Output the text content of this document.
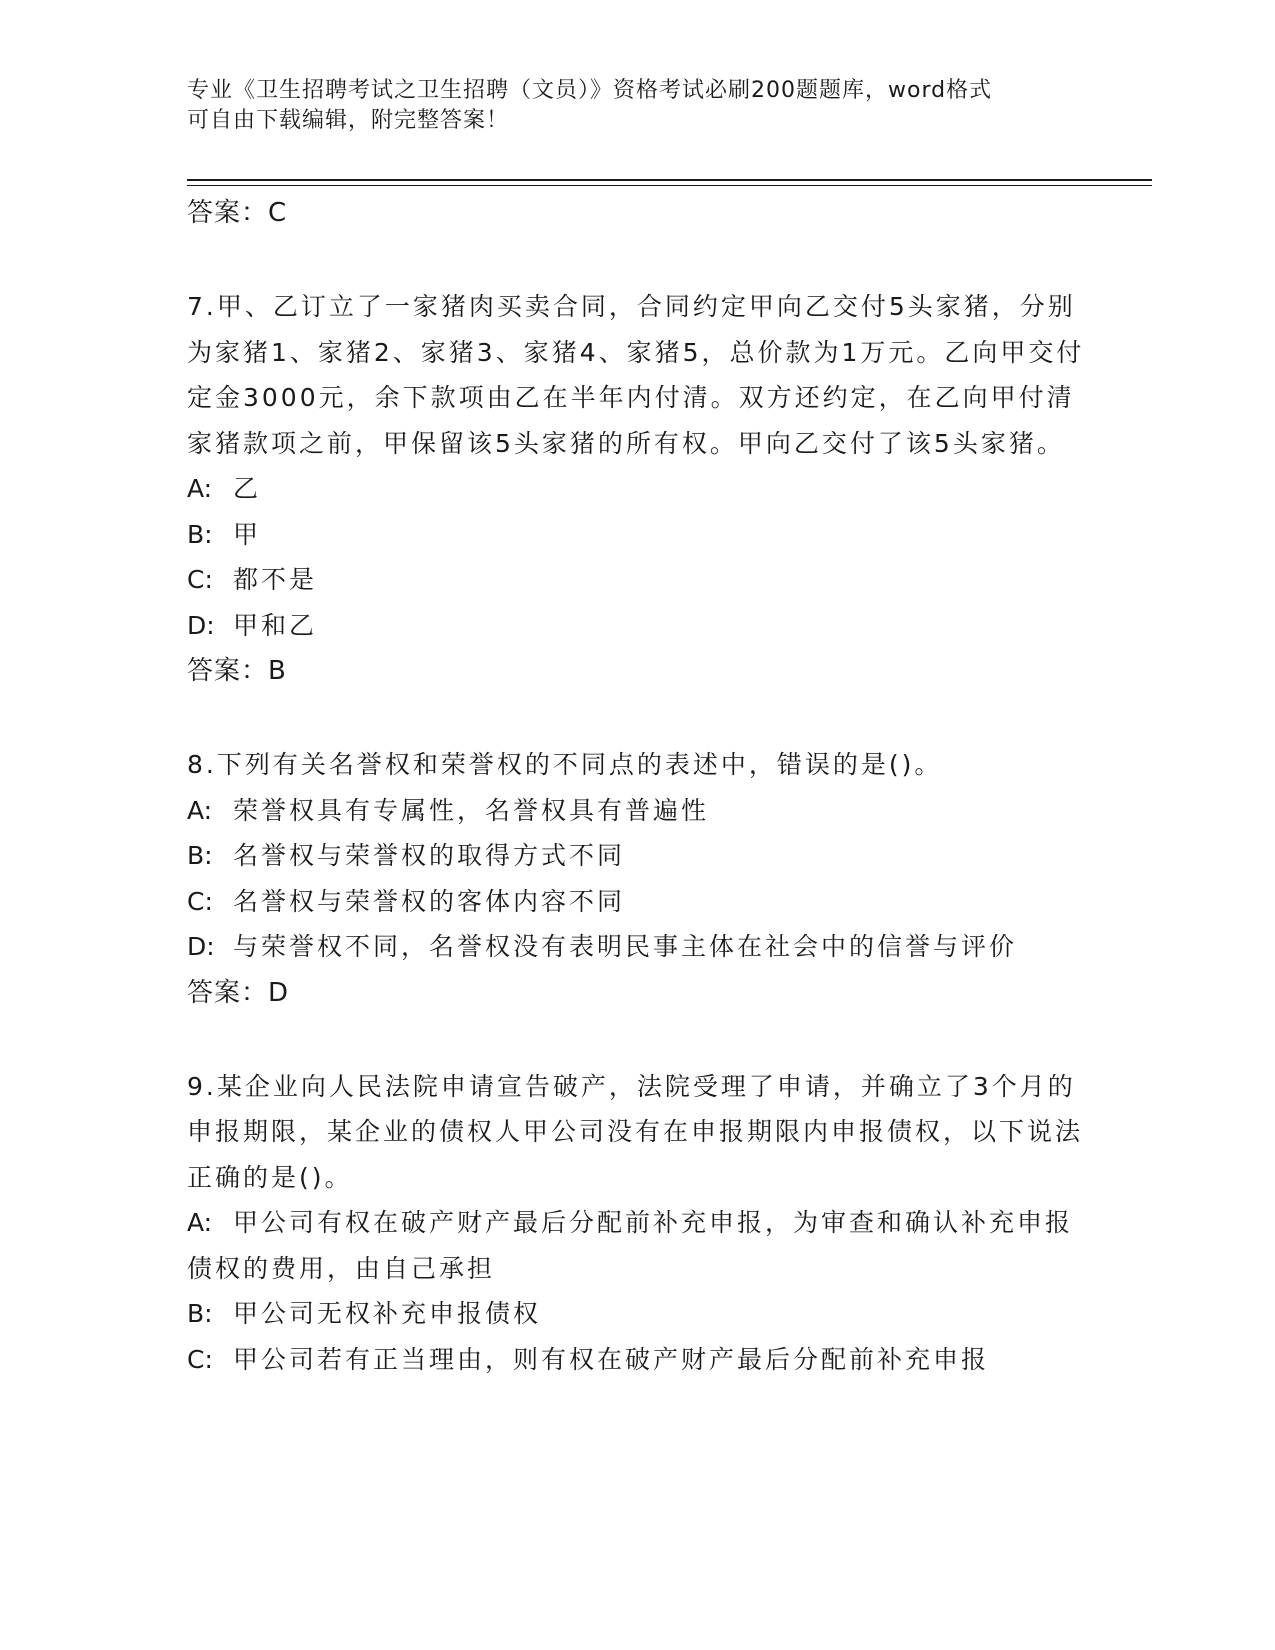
专业《卫生招聘考试之卫生招聘（文员）》资格考试必刷200题题库，word格式
可自由下载编辑，附完整答案！
答案：C
7.甲、乙订立了一家猪肉买卖合同，合同约定甲向乙交付5头家猪，分别为家猪1、家猪2、家猪3、家猪4、家猪5，总价款为1万元。乙向甲交付定金3000元，余下款项由乙在半年内付清。双方还约定，在乙向甲付清家猪款项之前，甲保留该5头家猪的所有权。甲向乙交付了该5头家猪。
A: 乙
B: 甲
C: 都不是
D: 甲和乙
答案：B
8.下列有关名誉权和荣誉权的不同点的表述中，错误的是()。
A: 荣誉权具有专属性，名誉权具有普遍性
B: 名誉权与荣誉权的取得方式不同
C: 名誉权与荣誉权的客体内容不同
D: 与荣誉权不同，名誉权没有表明民事主体在社会中的信誉与评价
答案：D
9.某企业向人民法院申请宣告破产，法院受理了申请，并确立了3个月的申报期限，某企业的债权人甲公司没有在申报期限内申报债权，以下说法正确的是()。
A: 甲公司有权在破产财产最后分配前补充申报，为审查和确认补充申报债权的费用，由自己承担
B: 甲公司无权补充申报债权
C: 甲公司若有正当理由，则有权在破产财产最后分配前补充申报
